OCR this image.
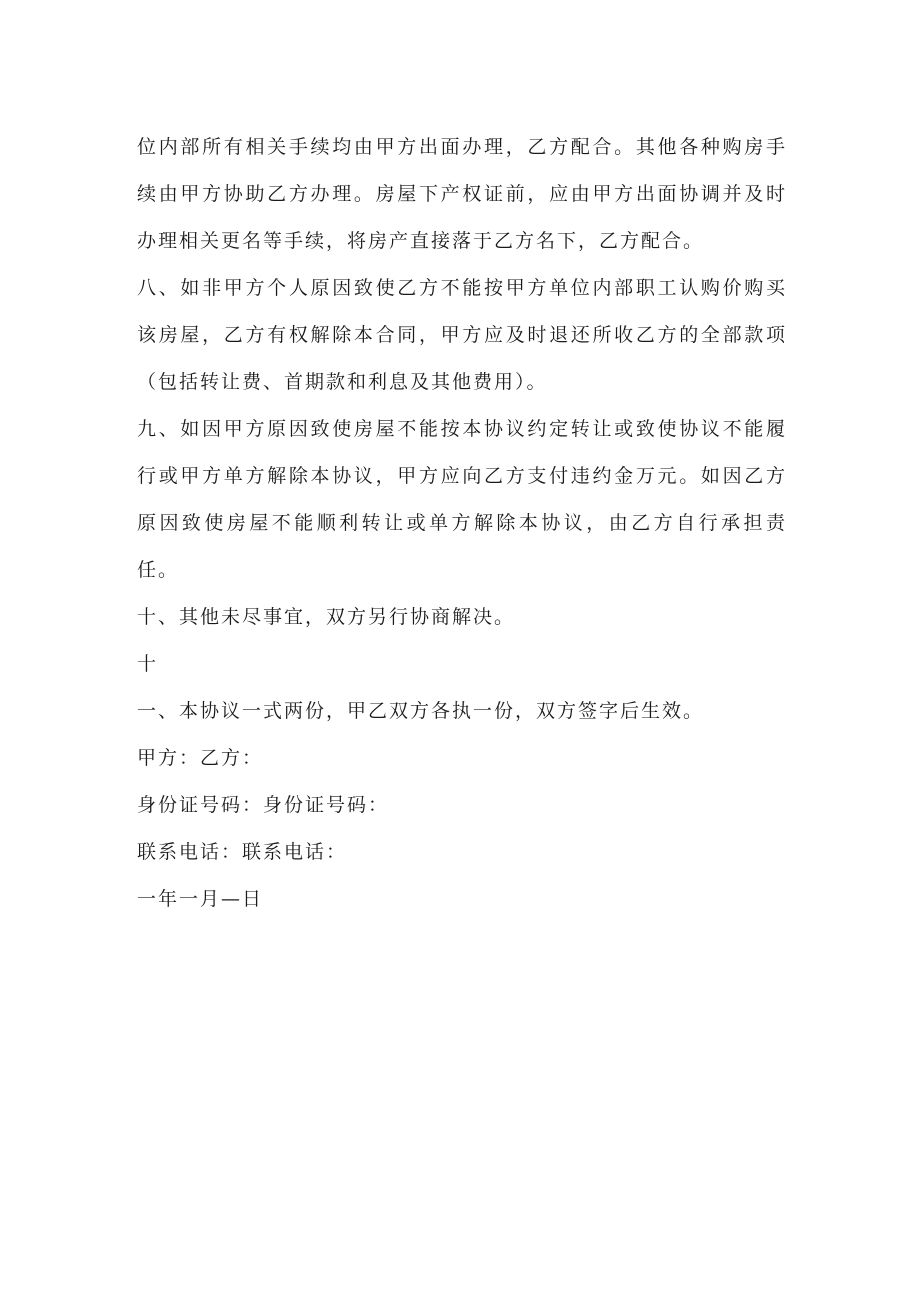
位内部所有相关手续均由甲方出面办理，乙方配合。其他各种购房手续由甲方协助乙方办理。房屋下产权证前，应由甲方出面协调并及时办理相关更名等手续，将房产直接落于乙方名下，乙方配合。

八、如非甲方个人原因致使乙方不能按甲方单位内部职工认购价购买该房屋，乙方有权解除本合同，甲方应及时退还所收乙方的全部款项（包括转让费、首期款和利息及其他费用）。

九、如因甲方原因致使房屋不能按本协议约定转让或致使协议不能履行或甲方单方解除本协议，甲方应向乙方支付违约金万元。如因乙方原因致使房屋不能顺利转让或单方解除本协议，由乙方自行承担责任。

十、其他未尽事宜，双方另行协商解决。

十

一、本协议一式两份，甲乙双方各执一份，双方签字后生效。

甲方：乙方：

身份证号码：身份证号码：

联系电话：联系电话：

一年一月—日
